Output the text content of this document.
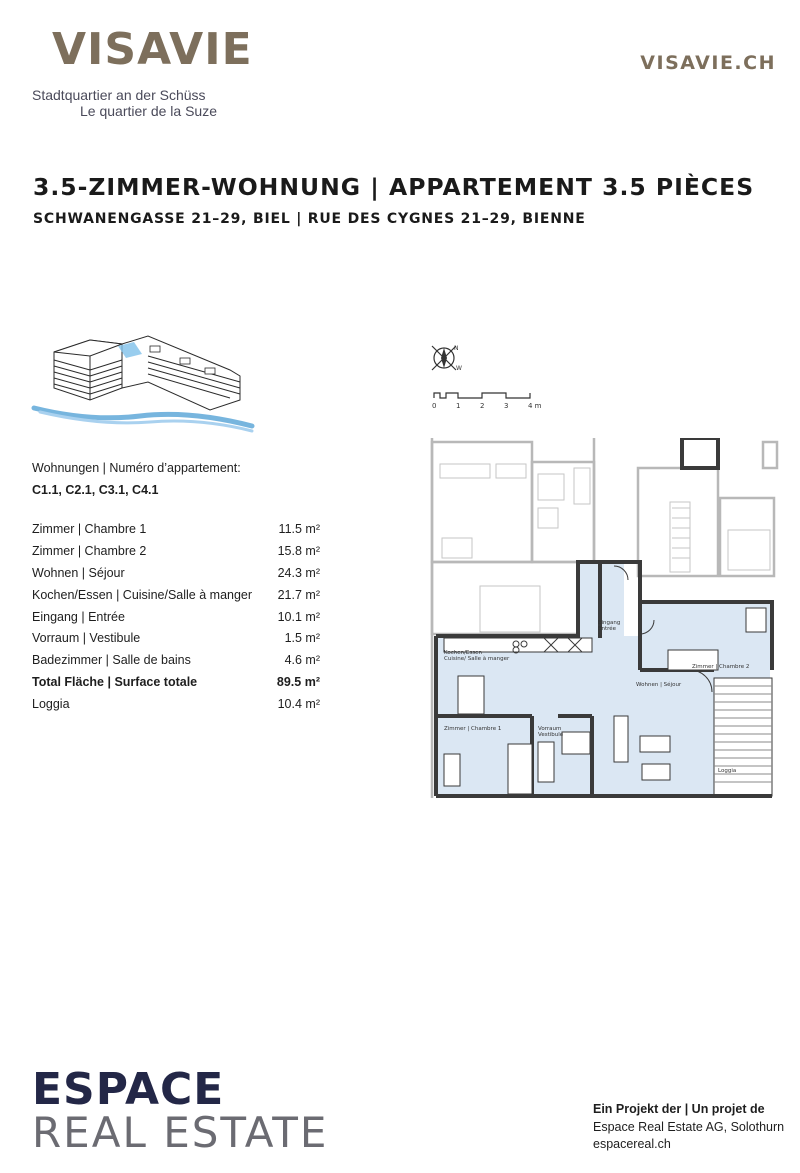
VISAVIE
Stadtquartier an der Schüss
Le quartier de la Suze
VISAVIE.CH
3.5-ZIMMER-WOHNUNG | APPARTEMENT 3.5 PIÈCES
SCHWANENGASSE 21–29, BIEL | RUE DES CYGNES 21–29, BIENNE
Wohnungen | Numéro d’appartement:
C1.1, C2.1, C3.1, C4.1
Zimmer | Chambre 1	11.5 m²
Zimmer | Chambre 2	15.8 m²
Wohnen | Séjour	24.3 m²
Kochen/Essen | Cuisine/Salle à manger 21.7 m²
Eingang | Entrée	10.1 m²
Vorraum | Vestibule	1.5 m²
Badezimmer | Salle de bains	4.6 m²
Total Fläche | Surface totale	89.5 m²
Loggia	10.4 m²
N
W
0	1	2	3	4 m
Eingang
Entrée
Kochen/Essen
Cuisine/ Salle à manger
Wohnen | Séjour
Zimmer | Chambre 2
Zimmer | Chambre 1	Vorraum
Vestibule
Loggia
ESPACE
REAL ESTATE	Ein Projekt der | Un projet de
Espace Real Estate AG, Solothurn
espacereal.ch
